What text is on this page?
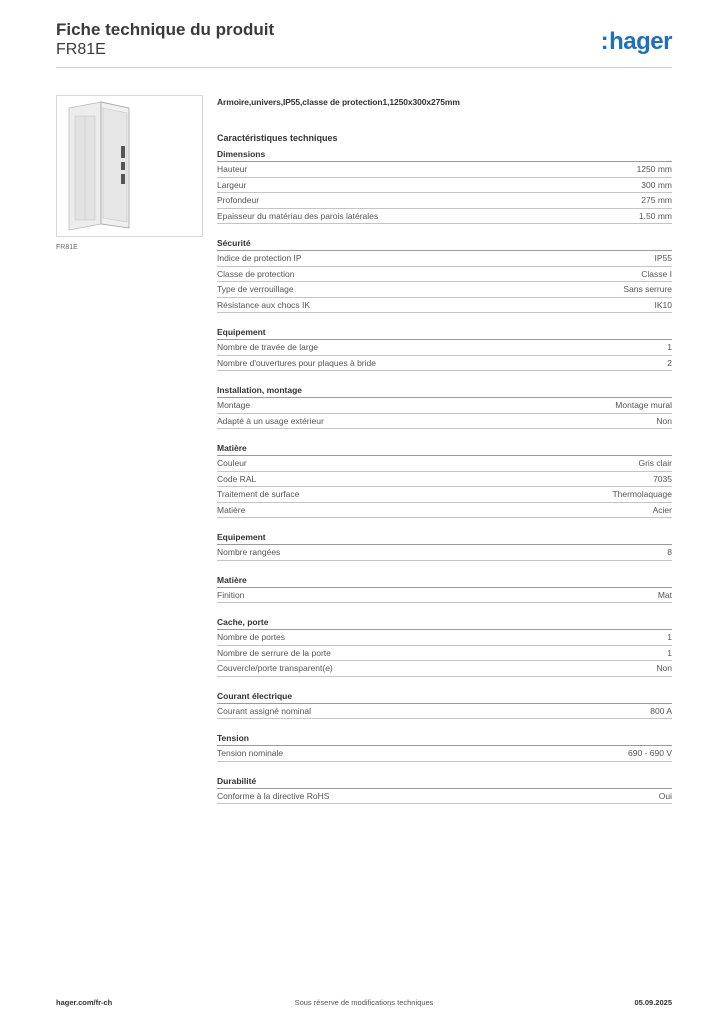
Fiche technique du produit
FR81E	:hager
FR81E
Armoire,univers,IP55,classe de protection1,1250x300x275mm
Caractéristiques techniques
Dimensions
Hauteur	1250 mm
Largeur	300 mm
Profondeur	275 mm
Epaisseur du matériau des parois latérales	1.50 mm
Sécurité
Indice de protection IP	IP55
Classe de protection	Classe I
Type de verrouillage	Sans serrure
Résistance aux chocs IK	IK10
Equipement
Nombre de travée de large	1
Nombre d'ouvertures pour plaques à bride	2
Installation, montage
Montage	Montage mural
Adapté à un usage extérieur	Non
Matière
Couleur	Gris clair
Code RAL	7035
Traitement de surface	Thermolaquage
Matière	Acier
Equipement
Nombre rangées	8
Matière
Finition	Mat
Cache, porte
Nombre de portes	1
Nombre de serrure de la porte	1
Couvercle/porte transparent(e)	Non
Courant électrique
Courant assigné nominal	800 A
Tension
Tension nominale	690 - 690 V
Durabilité
Conforme à la directive RoHS	Oui
hager.com/fr-ch	Sous réserve de modifications techniques	05.09.2025
